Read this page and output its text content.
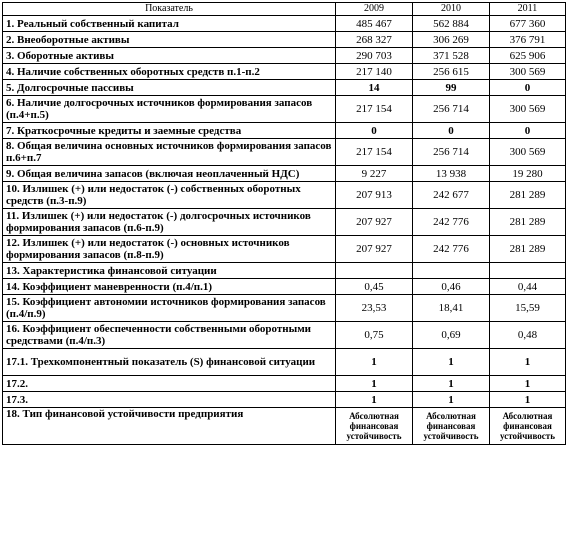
Показатель	2009	2010	2011
1. Реальный собственный капитал	485 467	562 884	677 360
2. Внеоборотные активы	268 327	306 269	376 791
3. Оборотные активы	290 703	371 528	625 906
4. Наличие собственных оборотных средств п.1-п.2	217 140	256 615	300 569
5. Долгосрочные пассивы	14	99	0
6. Наличие долгосрочных источников формирования запасов (п.4+п.5)	217 154	256 714	300 569
7. Краткосрочные кредиты и заемные средства	0	0	0
8. Общая величина основных источников формирования запасов п.6+п.7	217 154	256 714	300 569
9. Общая величина запасов (включая неоплаченный НДС)	9 227	13 938	19 280
10. Излишек (+) или недостаток (-) собственных оборотных средств (п.3-п.9)	207 913	242 677	281 289
11. Излишек (+) или недостаток (-) долгосрочных источников формирования запасов (п.6-п.9)	207 927	242 776	281 289
12. Излишек (+) или недостаток (-) основных источников формирования запасов (п.8-п.9)	207 927	242 776	281 289
13. Характеристика финансовой ситуации			
14. Коэффициент маневренности (п.4/п.1)	0,45	0,46	0,44
15. Коэффициент автономии источников формирования запасов (п.4/п.9)	23,53	18,41	15,59
16. Коэффициент обеспеченности собственными оборотными средствами (п.4/п.3)	0,75	0,69	0,48
17.1. Трехкомпонентный показатель (S) финансовой ситуации	1	1	1
17.2.	1	1	1
17.3.	1	1	1
18. Тип финансовой устойчивости предприятия	Абсолютная финансовая устойчивость	Абсолютная финансовая устойчивость	Абсолютная финансовая устойчивость
